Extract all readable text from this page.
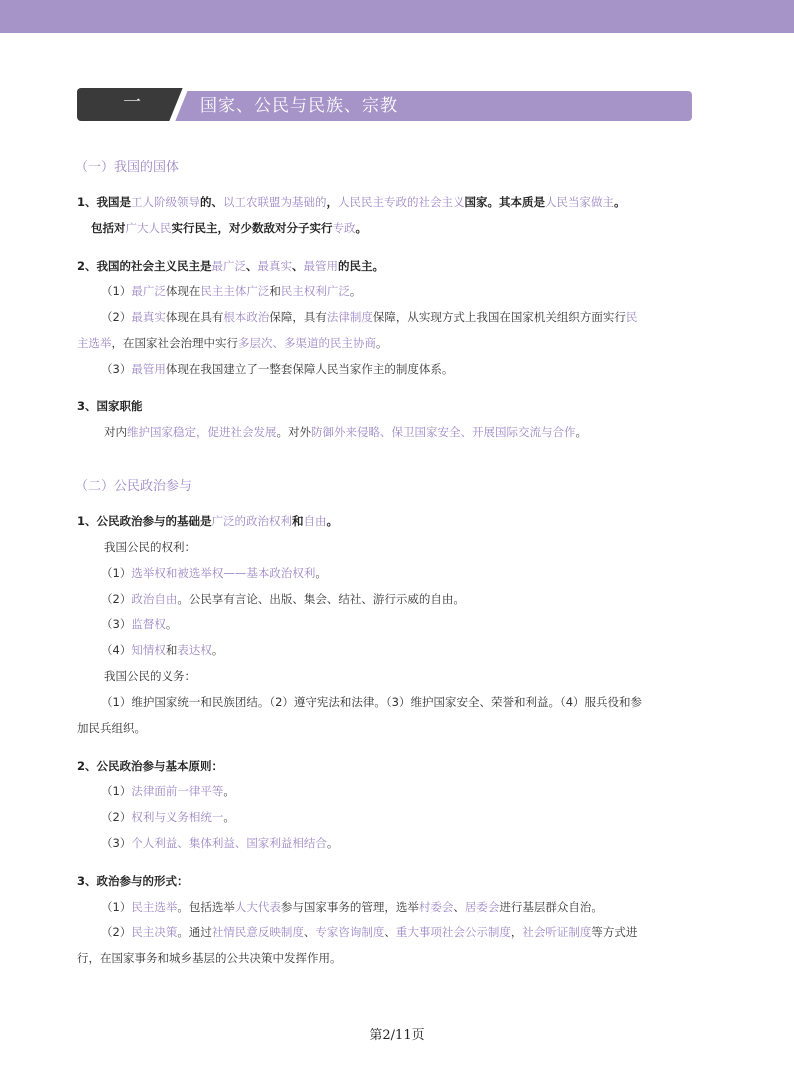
一	国家、公民与民族、宗教
（一）我国的国体
1、我国是工人阶级领导的、以工农联盟为基础的，人民民主专政的社会主义国家。其本质是人民当家做主。
包括对广大人民实行民主，对少数敌对分子实行专政。
2、我国的社会主义民主是最广泛、最真实、最管用的民主。
（1）最广泛体现在民主主体广泛和民主权利广泛。
（2）最真实体现在具有根本政治保障，具有法律制度保障，从实现方式上我国在国家机关组织方面实行民
主选举，在国家社会治理中实行多层次、多渠道的民主协商。
（3）最管用体现在我国建立了一整套保障人民当家作主的制度体系。
3、国家职能
对内维护国家稳定，促进社会发展。对外防御外来侵略、保卫国家安全、开展国际交流与合作。
（二）公民政治参与
1、公民政治参与的基础是广泛的政治权利和自由。
我国公民的权利：
（1）选举权和被选举权——基本政治权利。
（2）政治自由。公民享有言论、出版、集会、结社、游行示威的自由。
（3）监督权。
（4）知情权和表达权。
我国公民的义务：
（1）维护国家统一和民族团结。（2）遵守宪法和法律。（3）维护国家安全、荣誉和利益。（4）服兵役和参
加民兵组织。
2、公民政治参与基本原则：
（1）法律面前一律平等。
（2）权利与义务相统一。
（3）个人利益、集体利益、国家利益相结合。
3、政治参与的形式：
（1）民主选举。包括选举人大代表参与国家事务的管理，选举村委会、居委会进行基层群众自治。
（2）民主决策。通过社情民意反映制度、专家咨询制度、重大事项社会公示制度，社会听证制度等方式进
行，在国家事务和城乡基层的公共决策中发挥作用。
第2/11页
